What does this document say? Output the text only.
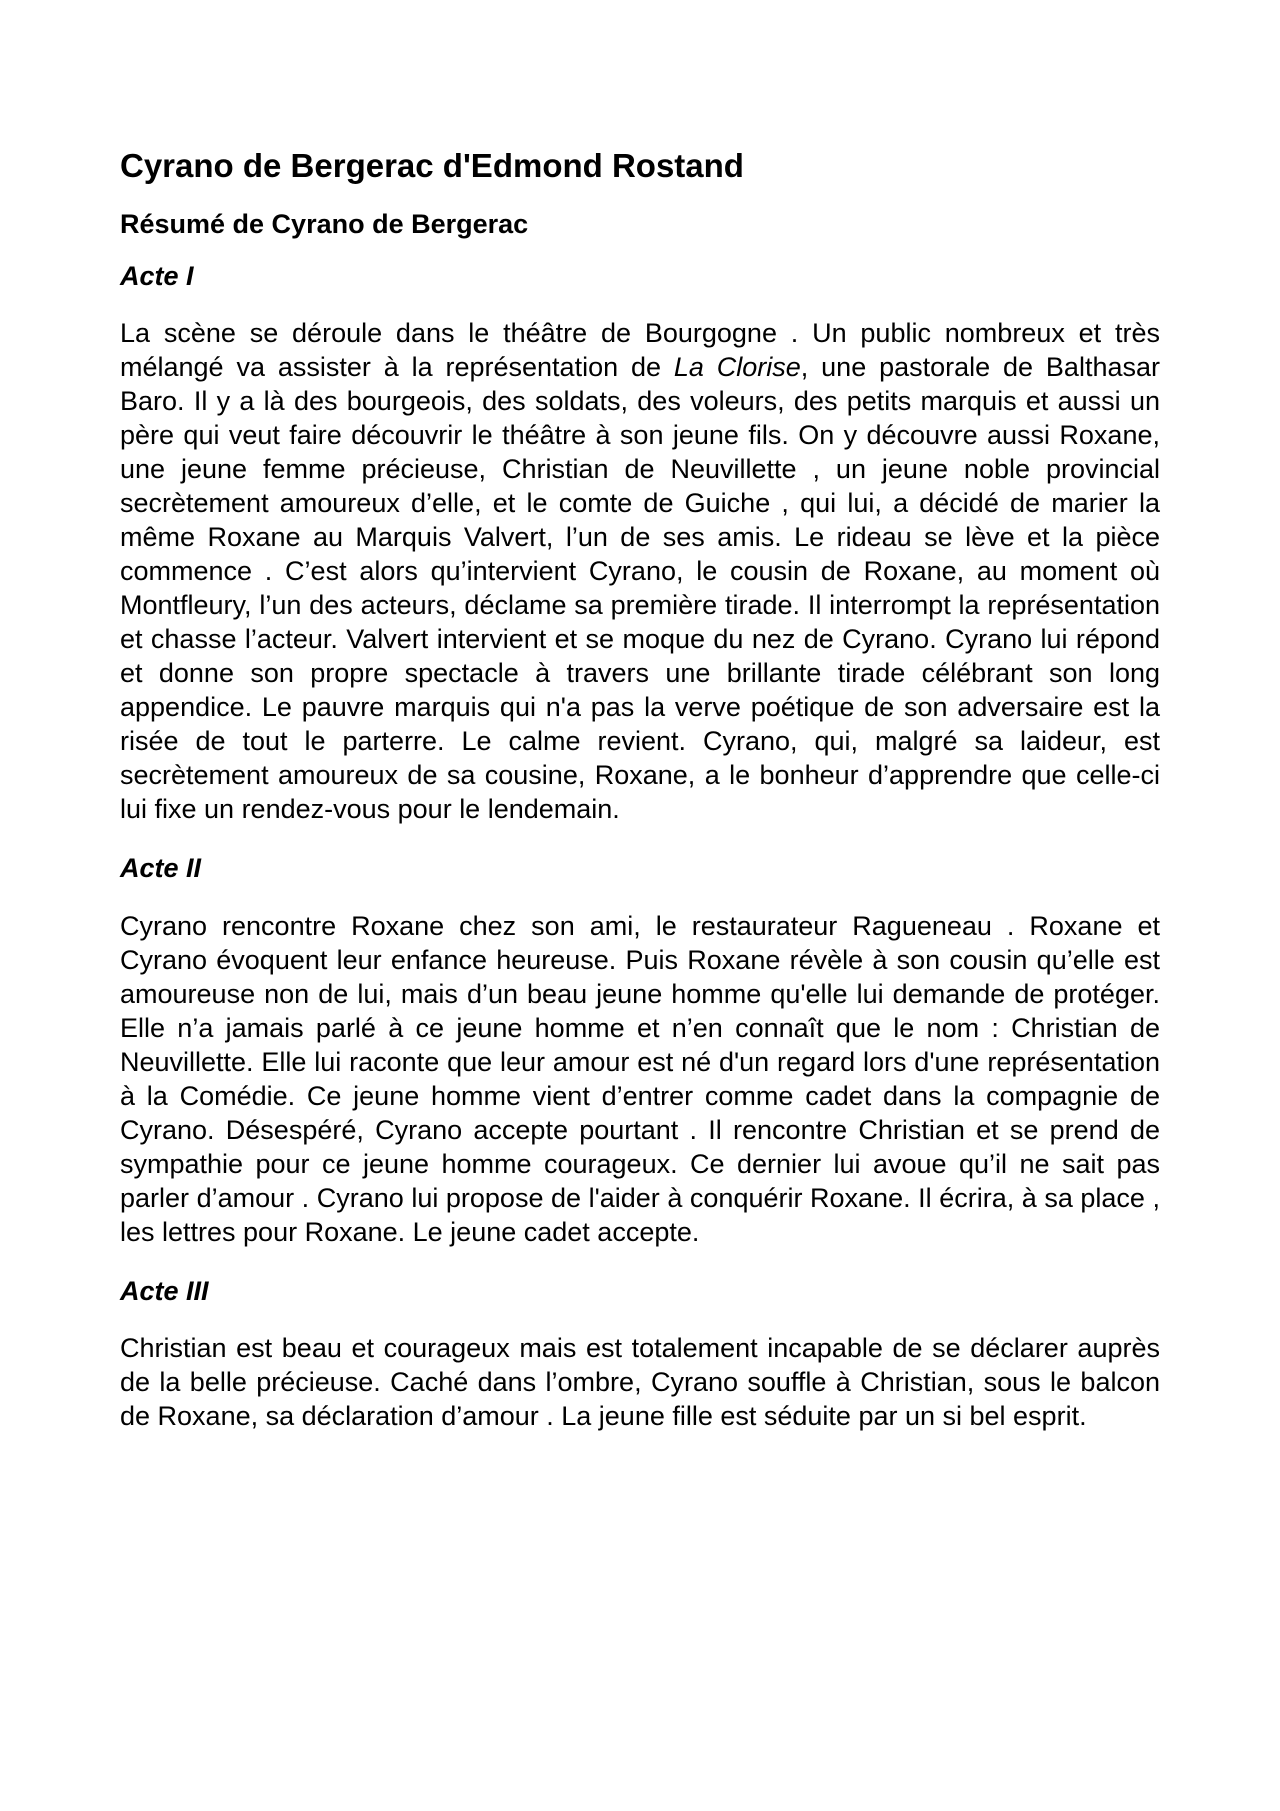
Cyrano de Bergerac d'Edmond Rostand
Résumé de Cyrano de Bergerac
Acte I

La scène se déroule dans le théâtre de Bourgogne . Un public nombreux et très mélangé va assister à la représentation de La Clorise, une pastorale de Balthasar Baro. Il y a là des bourgeois, des soldats, des voleurs, des petits marquis et aussi un père qui veut faire découvrir le théâtre à son jeune fils. On y découvre aussi Roxane, une jeune femme précieuse, Christian de Neuvillette , un jeune noble provincial secrètement amoureux d’elle, et le comte de Guiche , qui lui, a décidé de marier la même Roxane au Marquis Valvert, l’un de ses amis. Le rideau se lève et la pièce commence . C’est alors qu’intervient Cyrano, le cousin de Roxane, au moment où Montfleury, l’un des acteurs, déclame sa première tirade. Il interrompt la représentation et chasse l’acteur. Valvert intervient et se moque du nez de Cyrano. Cyrano lui répond et donne son propre spectacle à travers une brillante tirade célébrant son long appendice. Le pauvre marquis qui n'a pas la verve poétique de son adversaire est la risée de tout le parterre. Le calme revient. Cyrano, qui, malgré sa laideur, est secrètement amoureux de sa cousine, Roxane, a le bonheur d’apprendre que celle-ci lui fixe un rendez-vous pour le lendemain.

Acte II

Cyrano rencontre Roxane chez son ami, le restaurateur Ragueneau . Roxane et Cyrano évoquent leur enfance heureuse. Puis Roxane révèle à son cousin qu’elle est amoureuse non de lui, mais d’un beau jeune homme qu'elle lui demande de protéger. Elle n’a jamais parlé à ce jeune homme et n’en connaît que le nom : Christian de Neuvillette. Elle lui raconte que leur amour est né d'un regard lors d'une représentation à la Comédie. Ce jeune homme vient d’entrer comme cadet dans la compagnie de Cyrano. Désespéré, Cyrano accepte pourtant . Il rencontre Christian et se prend de sympathie pour ce jeune homme courageux. Ce dernier lui avoue qu’il ne sait pas parler d’amour . Cyrano lui propose de l'aider à conquérir Roxane. Il écrira, à sa place , les lettres pour Roxane. Le jeune cadet accepte.

Acte III

Christian est beau et courageux mais est totalement incapable de se déclarer auprès de la belle précieuse. Caché dans l’ombre, Cyrano souffle à Christian, sous le balcon de Roxane, sa déclaration d’amour . La jeune fille est séduite par un si bel esprit.
